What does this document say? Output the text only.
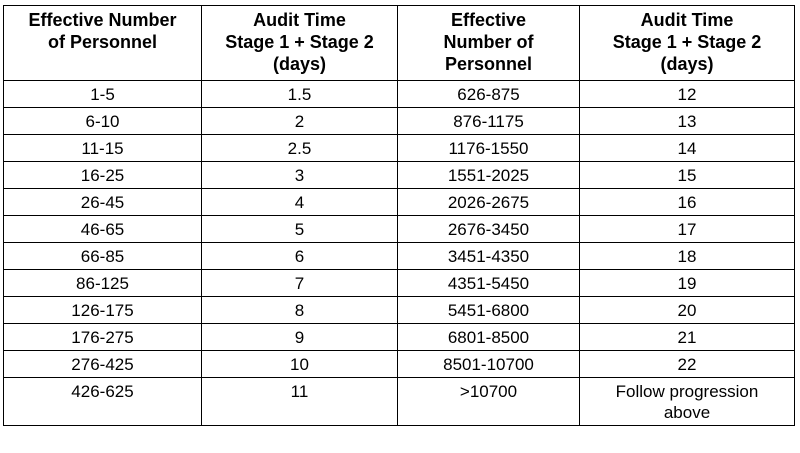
Effective Number
of Personnel	Audit Time
Stage 1 + Stage 2
(days)	Effective
Number of
Personnel	Audit Time
Stage 1 + Stage 2
(days)

1-5	1.5	626-875	12
6-10	2	876-1175	13
11-15	2.5	1176-1550	14
16-25	3	1551-2025	15
26-45	4	2026-2675	16
46-65	5	2676-3450	17
66-85	6	3451-4350	18
86-125	7	4351-5450	19
126-175	8	5451-6800	20
176-275	9	6801-8500	21
276-425	10	8501-10700	22
426-625	11	>10700	Follow progression
above
